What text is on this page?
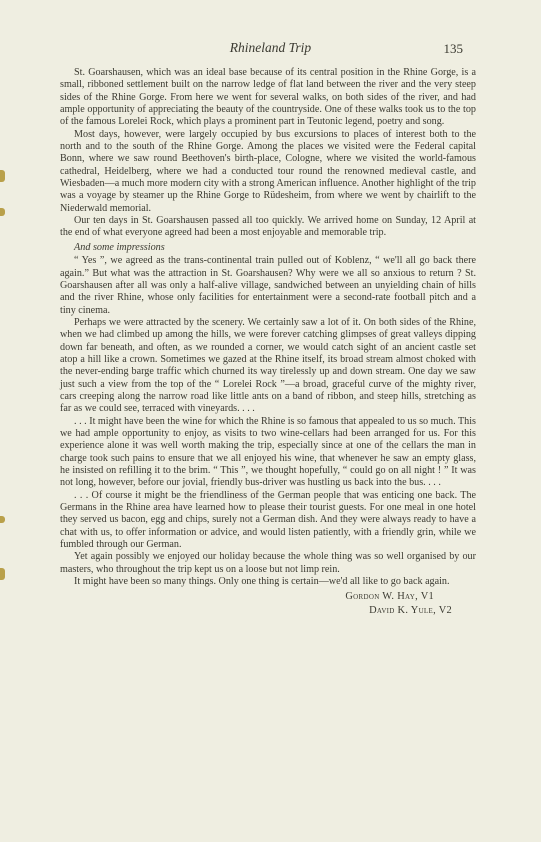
Rhineland Trip	135

St. Goarshausen, which was an ideal base because of its central position in the Rhine Gorge, is a small, ribboned settlement built on the narrow ledge of flat land between the river and the very steep sides of the Rhine Gorge. From here we went for several walks, on both sides of the river, and had ample opportunity of appreciating the beauty of the countryside. One of these walks took us to the top of the famous Lorelei Rock, which plays a prominent part in Teutonic legend, poetry and song.

Most days, however, were largely occupied by bus excursions to places of interest both to the north and to the south of the Rhine Gorge. Among the places we visited were the Federal capital Bonn, where we saw round Beethoven's birth-place, Cologne, where we visited the world-famous cathedral, Heidelberg, where we had a conducted tour round the renowned medieval castle, and Wiesbaden—a much more modern city with a strong American influence. Another highlight of the trip was a voyage by steamer up the Rhine Gorge to Rüdesheim, from where we went by chairlift to the Niederwald memorial.

Our ten days in St. Goarshausen passed all too quickly. We arrived home on Sunday, 12 April at the end of what everyone agreed had been a most enjoyable and memorable trip.

And some impressions

“ Yes ”, we agreed as the trans-continental train pulled out of Koblenz, “ we'll all go back there again.” But what was the attraction in St. Goarshausen? Why were we all so anxious to return ? St. Goarshausen after all was only a half-alive village, sandwiched between an unyielding chain of hills and the river Rhine, whose only facilities for entertainment were a second-rate football pitch and a tiny cinema.

Perhaps we were attracted by the scenery. We certainly saw a lot of it. On both sides of the Rhine, when we had climbed up among the hills, we were forever catching glimpses of great valleys dipping down far beneath, and often, as we rounded a corner, we would catch sight of an ancient castle set atop a hill like a crown. Sometimes we gazed at the Rhine itself, its broad stream almost choked with the never-ending barge traffic which churned its way tirelessly up and down stream. One day we saw just such a view from the top of the “ Lorelei Rock ”—a broad, graceful curve of the mighty river, cars creeping along the narrow road like little ants on a band of ribbon, and steep hills, stretching as far as we could see, terraced with vineyards. . . .

. . . It might have been the wine for which the Rhine is so famous that appealed to us so much. This we had ample opportunity to enjoy, as visits to two wine-cellars had been arranged for us. For this experience alone it was well worth making the trip, especially since at one of the cellars the man in charge took such pains to ensure that we all enjoyed his wine, that whenever he saw an empty glass, he insisted on refilling it to the brim. “ This ”, we thought hopefully, “ could go on all night ! ” It was not long, however, before our jovial, friendly bus-driver was hustling us back into the bus. . . .

. . . Of course it might be the friendliness of the German people that was enticing one back. The Germans in the Rhine area have learned how to please their tourist guests. For one meal in one hotel they served us bacon, egg and chips, surely not a German dish. And they were always ready to have a chat with us, to offer information or advice, and would listen patiently, with a friendly grin, while we fumbled through our German.

Yet again possibly we enjoyed our holiday because the whole thing was so well organised by our masters, who throughout the trip kept us on a loose but not limp rein.

It might have been so many things. Only one thing is certain—we'd all like to go back again.

Gordon W. Hay, V1
David K. Yule, V2
